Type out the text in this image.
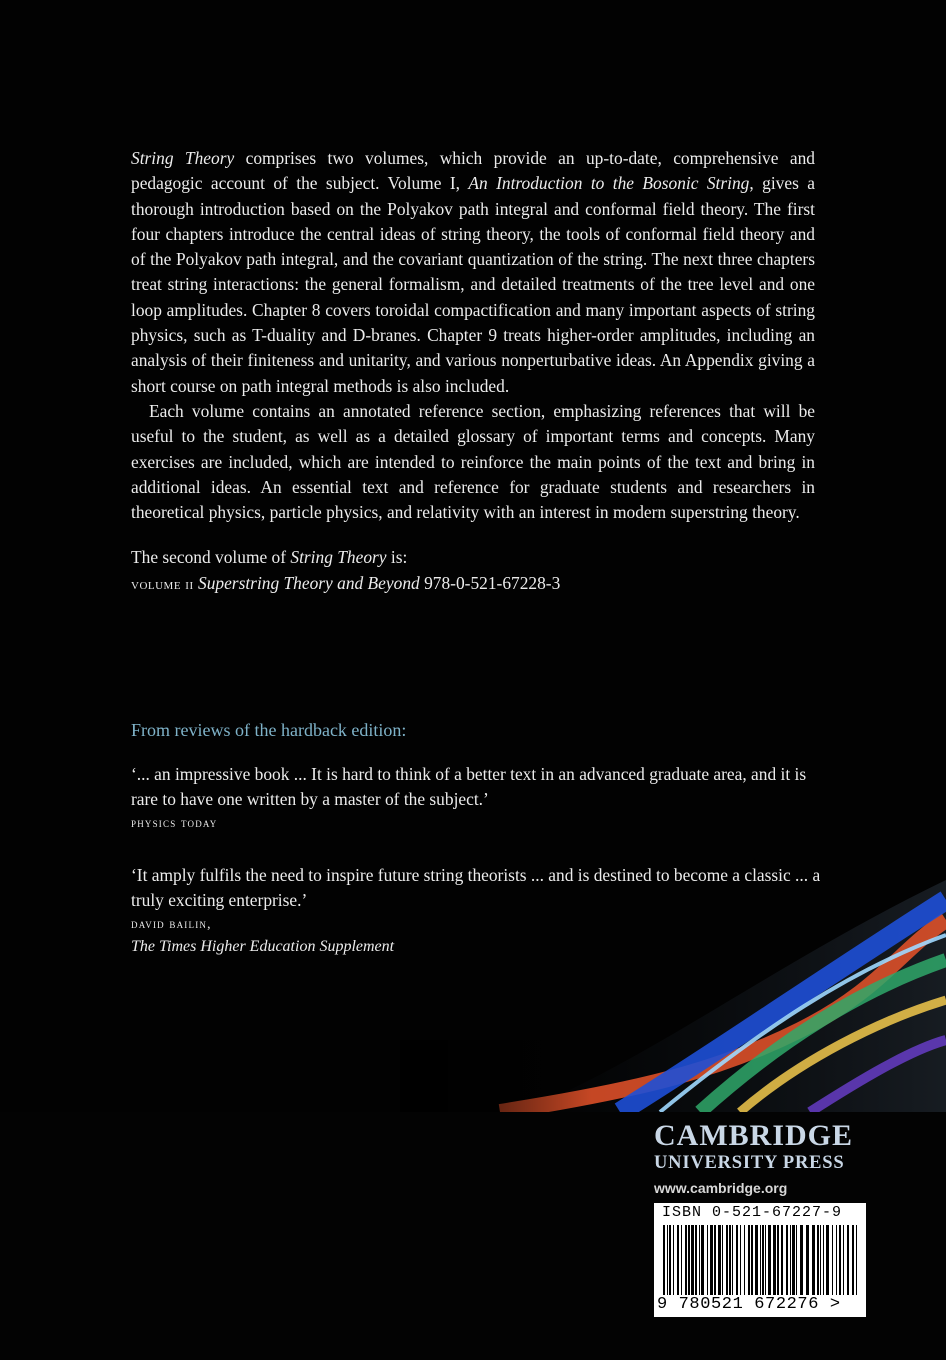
String Theory comprises two volumes, which provide an up-to-date, comprehensive and pedagogic account of the subject. Volume I, An Introduction to the Bosonic String, gives a thorough introduction based on the Polyakov path integral and conformal field theory. The first four chapters introduce the central ideas of string theory, the tools of conformal field theory and of the Polyakov path integral, and the covariant quantization of the string. The next three chapters treat string interactions: the general formalism, and detailed treatments of the tree level and one loop amplitudes. Chapter 8 covers toroidal compactification and many important aspects of string physics, such as T-duality and D-branes. Chapter 9 treats higher-order amplitudes, including an analysis of their finiteness and unitarity, and various nonperturbative ideas. An Appendix giving a short course on path integral methods is also included.

Each volume contains an annotated reference section, emphasizing references that will be useful to the student, as well as a detailed glossary of important terms and concepts. Many exercises are included, which are intended to reinforce the main points of the text and bring in additional ideas. An essential text and reference for graduate students and researchers in theoretical physics, particle physics, and relativity with an interest in modern superstring theory.

The second volume of String Theory is:

volume ii Superstring Theory and Beyond 978-0-521-67228-3

From reviews of the hardback edition:
‘... an impressive book ... It is hard to think of a better text in an advanced graduate area, and it is rare to have one written by a master of the subject.’
physics today
‘It amply fulfils the need to inspire future string theorists ... and is destined to become a classic ... a truly exciting enterprise.’
david bailin,
The Times Higher Education Supplement
CAMBRIDGE
UNIVERSITY PRESS
www.cambridge.org
ISBN 0-521-67227-9
9 780521 672276 >
